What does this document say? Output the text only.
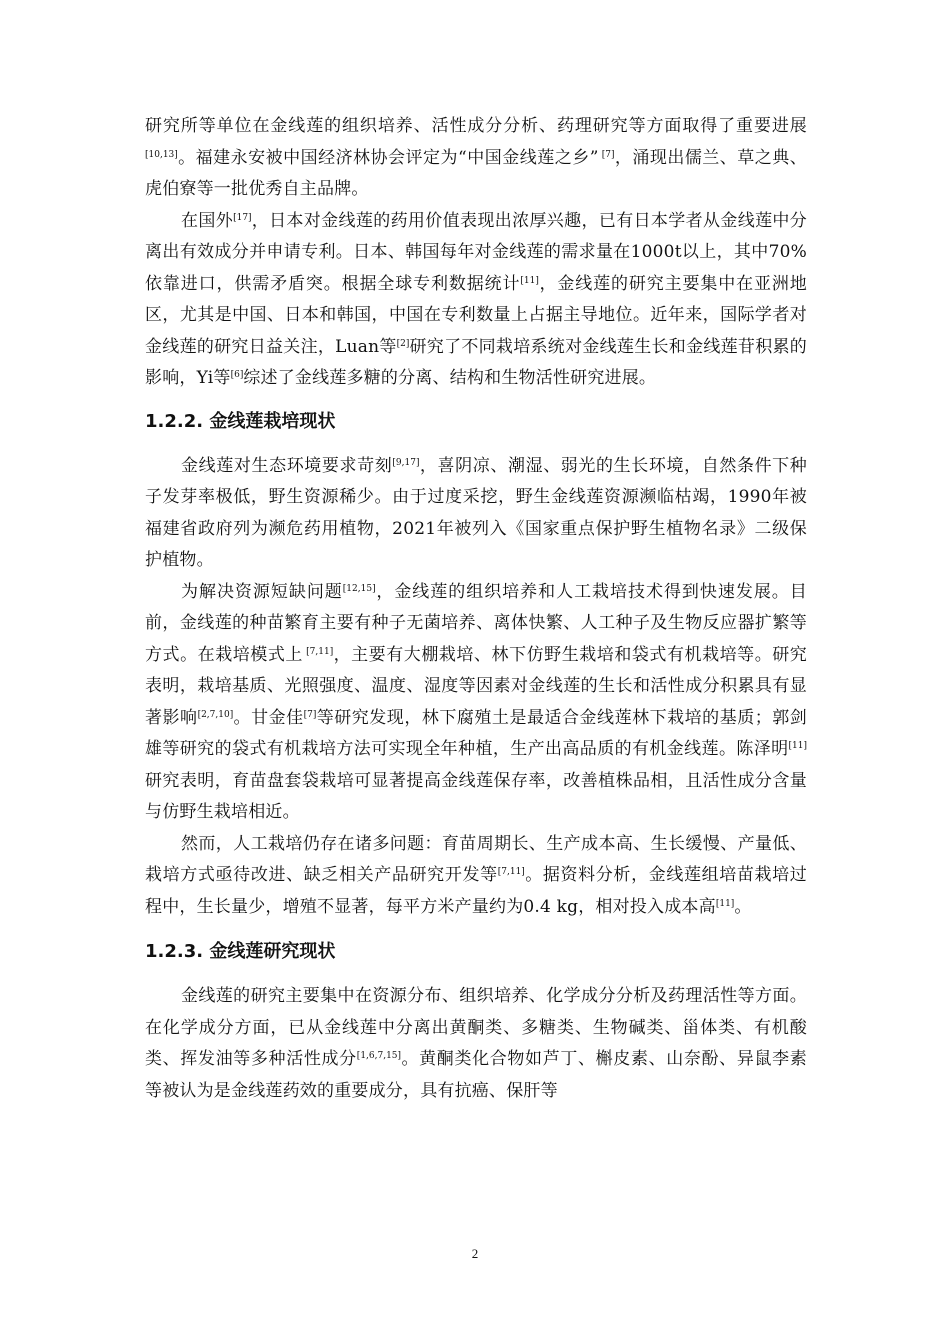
研究所等单位在金线莲的组织培养、活性成分分析、药理研究等方面取得了重要进展[10,13]。福建永安被中国经济林协会评定为“中国金线莲之乡” [7]，涌现出儒兰、草之典、虎伯寮等一批优秀自主品牌。

在国外[17]，日本对金线莲的药用价值表现出浓厚兴趣，已有日本学者从金线莲中分离出有效成分并申请专利。日本、韩国每年对金线莲的需求量在1000t以上，其中70%依靠进口，供需矛盾突。根据全球专利数据统计[11]，金线莲的研究主要集中在亚洲地区，尤其是中国、日本和韩国，中国在专利数量上占据主导地位。近年来，国际学者对金线莲的研究日益关注，Luan等[2]研究了不同栽培系统对金线莲生长和金线莲苷积累的影响，Yi等[6]综述了金线莲多糖的分离、结构和生物活性研究进展。

1.2.2. 金线莲栽培现状

金线莲对生态环境要求苛刻[9,17]，喜阴凉、潮湿、弱光的生长环境，自然条件下种子发芽率极低，野生资源稀少。由于过度采挖，野生金线莲资源濒临枯竭，1990年被福建省政府列为濒危药用植物，2021年被列入《国家重点保护野生植物名录》二级保护植物。

为解决资源短缺问题[12,15]，金线莲的组织培养和人工栽培技术得到快速发展。目前，金线莲的种苗繁育主要有种子无菌培养、离体快繁、人工种子及生物反应器扩繁等方式。在栽培模式上 [7,11]，主要有大棚栽培、林下仿野生栽培和袋式有机栽培等。研究表明，栽培基质、光照强度、温度、湿度等因素对金线莲的生长和活性成分积累具有显著影响[2,7,10]。甘金佳[7]等研究发现，林下腐殖土是最适合金线莲林下栽培的基质；郭剑雄等研究的袋式有机栽培方法可实现全年种植，生产出高品质的有机金线莲。陈泽明[11]研究表明，育苗盘套袋栽培可显著提高金线莲保存率，改善植株品相，且活性成分含量与仿野生栽培相近。

然而，人工栽培仍存在诸多问题：育苗周期长、生产成本高、生长缓慢、产量低、栽培方式亟待改进、缺乏相关产品研究开发等[7,11]。据资料分析，金线莲组培苗栽培过程中，生长量少，增殖不显著，每平方米产量约为0.4 kg，相对投入成本高[11]。

1.2.3. 金线莲研究现状

金线莲的研究主要集中在资源分布、组织培养、化学成分分析及药理活性等方面。在化学成分方面，已从金线莲中分离出黄酮类、多糖类、生物碱类、甾体类、有机酸类、挥发油等多种活性成分[1,6,7,15]。黄酮类化合物如芦丁、槲皮素、山奈酚、异鼠李素等被认为是金线莲药效的重要成分，具有抗癌、保肝等

2
